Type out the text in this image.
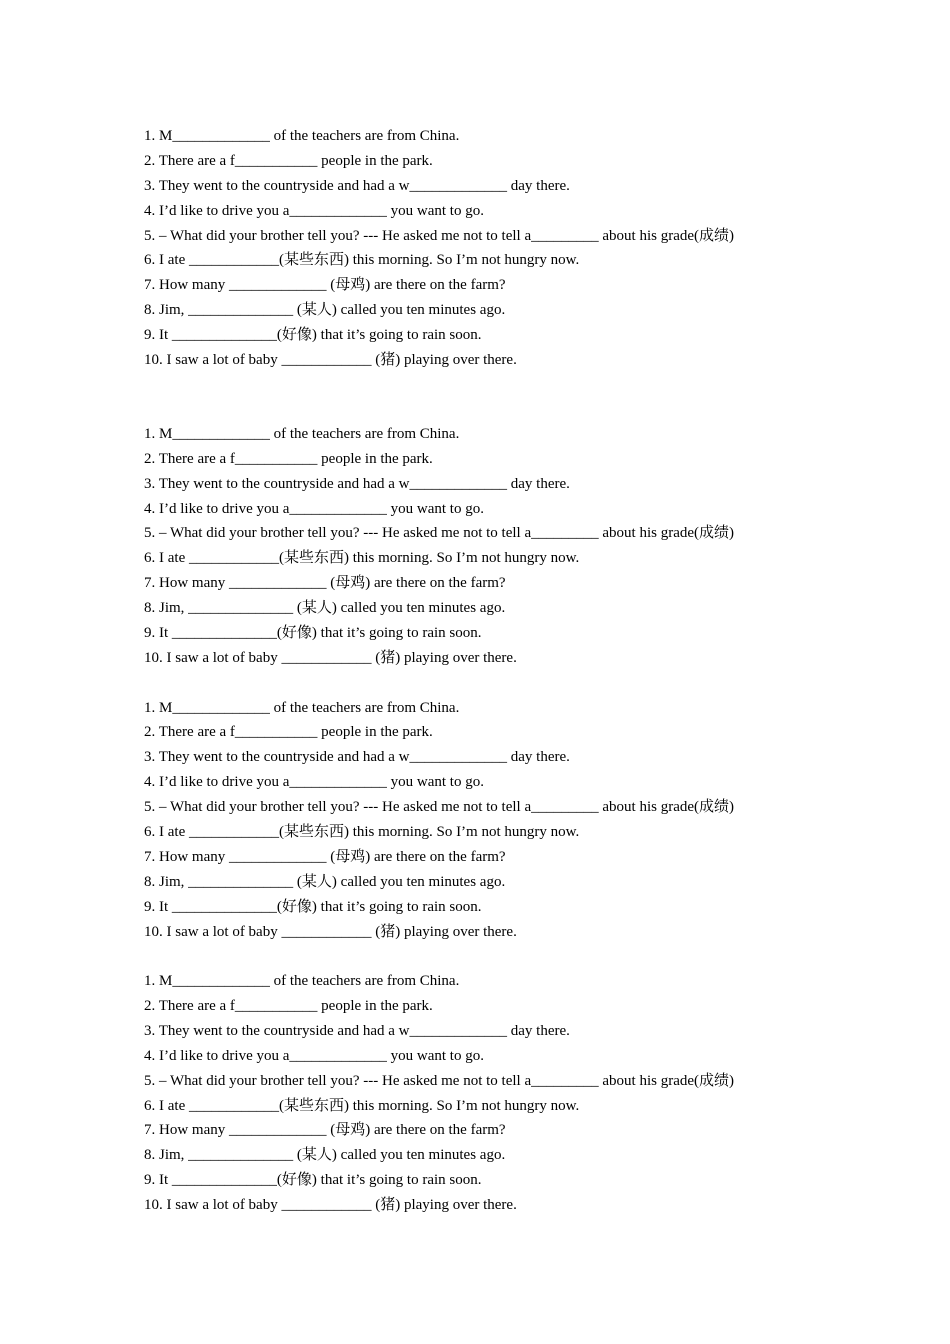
1. M_____________ of the teachers are from China.
2. There are a f___________ people in the park.
3. They went to the countryside and had a w_____________ day there.
4. I’d like to drive you a_____________ you want to go.
5. – What did your brother tell you? --- He asked me not to tell a_________ about his grade(成绩)
6. I ate ____________(某些东西) this morning. So I’m not hungry now.
7. How many _____________ (母鸡) are there on the farm?
8. Jim, ______________ (某人) called you ten minutes ago.
9. It ______________(好像) that it’s going to rain soon.
10. I saw a lot of baby ____________ (猪) playing over there.
1. M_____________ of the teachers are from China.
2. There are a f___________ people in the park.
3. They went to the countryside and had a w_____________ day there.
4. I’d like to drive you a_____________ you want to go.
5. – What did your brother tell you? --- He asked me not to tell a_________ about his grade(成绩)
6. I ate ____________(某些东西) this morning. So I’m not hungry now.
7. How many _____________ (母鸡) are there on the farm?
8. Jim, ______________ (某人) called you ten minutes ago.
9. It ______________(好像) that it’s going to rain soon.
10. I saw a lot of baby ____________ (猪) playing over there.
1. M_____________ of the teachers are from China.
2. There are a f___________ people in the park.
3. They went to the countryside and had a w_____________ day there.
4. I’d like to drive you a_____________ you want to go.
5. – What did your brother tell you? --- He asked me not to tell a_________ about his grade(成绩)
6. I ate ____________(某些东西) this morning. So I’m not hungry now.
7. How many _____________ (母鸡) are there on the farm?
8. Jim, ______________ (某人) called you ten minutes ago.
9. It ______________(好像) that it’s going to rain soon.
10. I saw a lot of baby ____________ (猪) playing over there.
1. M_____________ of the teachers are from China.
2. There are a f___________ people in the park.
3. They went to the countryside and had a w_____________ day there.
4. I’d like to drive you a_____________ you want to go.
5. – What did your brother tell you? --- He asked me not to tell a_________ about his grade(成绩)
6. I ate ____________(某些东西) this morning. So I’m not hungry now.
7. How many _____________ (母鸡) are there on the farm?
8. Jim, ______________ (某人) called you ten minutes ago.
9. It ______________(好像) that it’s going to rain soon.
10. I saw a lot of baby ____________ (猪) playing over there.
